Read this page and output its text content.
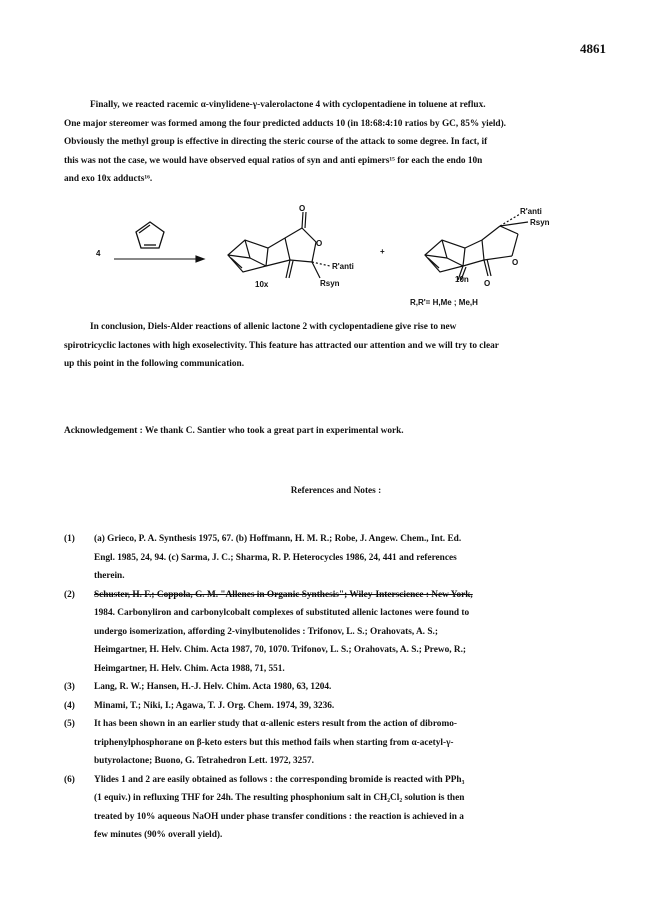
4861
Finally, we reacted racemic α-vinylidene-γ-valerolactone 4 with cyclopentadiene in toluene at reflux.
One major stereomer was formed among the four predicted adducts 10 (in 18:68:4:10 ratios by GC, 85% yield).
Obviously the methyl group is effective in directing the steric course of the attack to some degree. In fact, if
this was not the case, we would have observed equal ratios of syn and anti epimers¹⁵ for each the endo 10n
and exo 10x adducts¹⁶.
4
O
O
R'anti
Rsyn
10x
+
O
O
R'anti
Rsyn
10n
R,R'= H,Me ; Me,H
In conclusion, Diels-Alder reactions of allenic lactone 2 with cyclopentadiene give rise to new
spirotricyclic lactones with high exoselectivity. This feature has attracted our attention and we will try to clear
up this point in the following communication.
Acknowledgement : We thank C. Santier who took a great part in experimental work.
References and Notes :
(1) (a) Grieco, P. A. Synthesis 1975, 67. (b) Hoffmann, H. M. R.; Robe, J. Angew. Chem., Int. Ed.
Engl. 1985, 24, 94. (c) Sarma, J. C.; Sharma, R. P. Heterocycles 1986, 24, 441 and references
therein.
(2) Schuster, H. F.; Coppola, G. M. "Allenes in Organic Synthesis"; Wiley-Interscience : New York,
1984. Carbonyliron and carbonylcobalt complexes of substituted allenic lactones were found to
undergo isomerization, affording 2-vinylbutenolides : Trifonov, L. S.; Orahovats, A. S.;
Heimgartner, H. Helv. Chim. Acta 1987, 70, 1070. Trifonov, L. S.; Orahovats, A. S.; Prewo, R.;
Heimgartner, H. Helv. Chim. Acta 1988, 71, 551.
(3) Lang, R. W.; Hansen, H.-J. Helv. Chim. Acta 1980, 63, 1204.
(4) Minami, T.; Niki, I.; Agawa, T. J. Org. Chem. 1974, 39, 3236.
(5) It has been shown in an earlier study that α-allenic esters result from the action of dibromo-
triphenylphosphorane on β-keto esters but this method fails when starting from α-acetyl-γ-
butyrolactone; Buono, G. Tetrahedron Lett. 1972, 3257.
(6) Ylides 1 and 2 are easily obtained as follows : the corresponding bromide is reacted with PPh₃
(1 equiv.) in refluxing THF for 24h. The resulting phosphonium salt in CH₂Cl₂ solution is then
treated by 10% aqueous NaOH under phase transfer conditions : the reaction is achieved in a
few minutes (90% overall yield).
